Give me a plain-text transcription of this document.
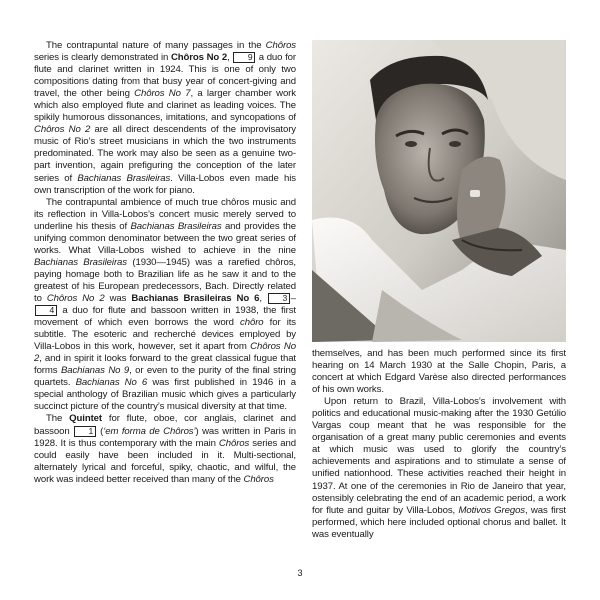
The contrapuntal nature of many passages in the Chôros series is clearly demonstrated in Chôros No 2, 9 a duo for flute and clarinet written in 1924. This is one of only two compositions dating from that busy year of concert-giving and travel, the other being Chôros No 7, a larger chamber work which also employed flute and clarinet as leading voices. The spikily humorous dissonances, imitations, and syncopations of Chôros No 2 are all direct descendents of the improvisatory music of Rio’s street musicians in which the two instruments predominated. The work may also be seen as a genuine two-part invention, again prefiguring the conception of the later series of Bachianas Brasileiras. Villa-Lobos even made his own transcription of the work for piano.

The contrapuntal ambience of much true chôros music and its reflection in Villa-Lobos’s concert music merely served to underline his thesis of Bachianas Brasileiras and provides the unifying common denominator between the two great series of works. What Villa-Lobos wished to achieve in the nine Bachianas Brasileiras (1930—1945) was a rarefied chôros, paying homage both to Brazilian life as he saw it and to the greatest of his European predecessors, Bach. Directly related to Chôros No 2 was Bachianas Brasileiras No 6, 3 –4 a duo for flute and bassoon written in 1938, the first movement of which even borrows the word chôro for its subtitle. The esoteric and recherché devices employed by Villa-Lobos in this work, however, set it apart from Chôros No 2, and in spirit it looks forward to the great classical fugue that forms Bachianas No 9, or even to the purity of the final string quartets. Bachianas No 6 was first published in 1946 in a special anthology of Brazilian music which gives a particularly succinct picture of the country’s musical diversity at that time.

The Quintet for flute, oboe, cor anglais, clarinet and bassoon 1 (‘em forma de Chôros’) was written in Paris in 1928. It is thus contemporary with the main Chôros series and could easily have been included in it. Multi-sectional, alternately lyrical and forceful, spiky, chaotic, and wilful, the work was indeed better received than many of the Chôros

themselves, and has been much performed since its first hearing on 14 March 1930 at the Salle Chopin, Paris, a concert at which Edgard Varèse also directed performances of his own works.

Upon return to Brazil, Villa-Lobos’s involvement with politics and educational music-making after the 1930 Getúlio Vargas coup meant that he was responsible for the organisation of a great many public ceremonies and events at which music was used to glorify the country’s achievements and aspirations and to stimulate a sense of unified nationhood. These activities reached their height in 1937. At one of the ceremonies in Rio de Janeiro that year, ostensibly celebrating the end of an academic period, a work for flute and guitar by Villa-Lobos, Motivos Gregos, was first performed, which here included optional chorus and ballet. It was eventually

3
